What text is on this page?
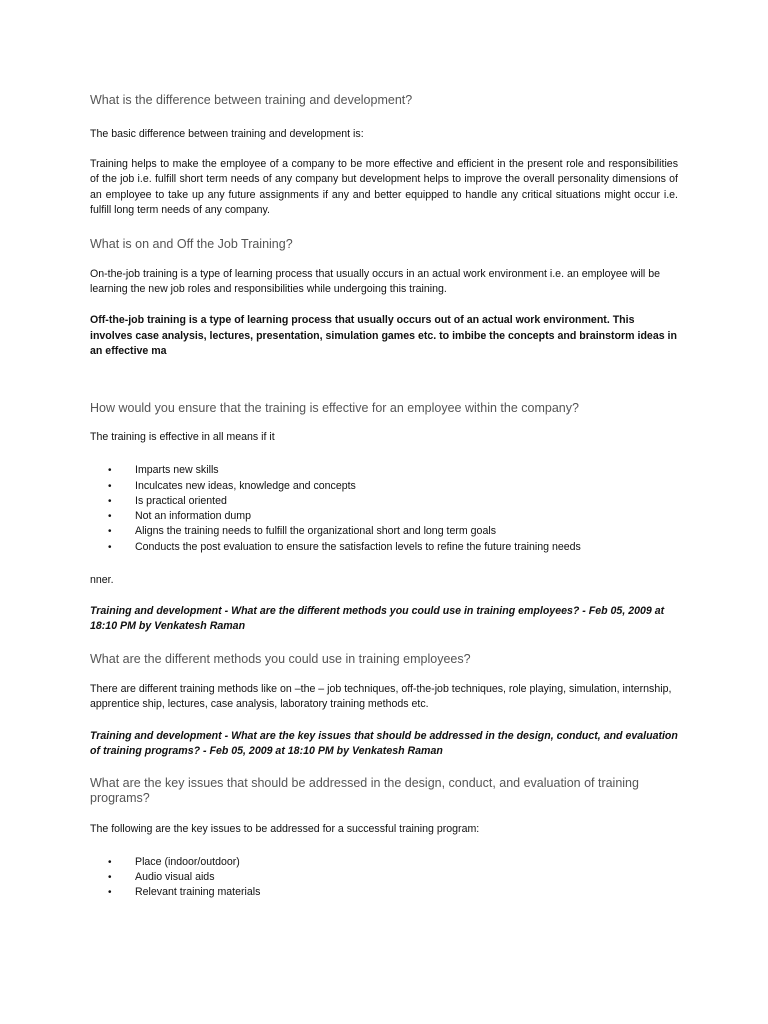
What is the difference between training and development?

The basic difference between training and development is:

Training helps to make the employee of a company to be more effective and efficient in the present role and responsibilities of the job i.e. fulfill short term needs of any company but development helps to improve the overall personality dimensions of an employee to take up any future assignments if any and better equipped to handle any critical situations might occur i.e. fulfill long term needs of any company.

What is on and Off the Job Training?

On-the-job training is a type of learning process that usually occurs in an actual work environment i.e. an employee will be learning the new job roles and responsibilities while undergoing this training.

Off-the-job training is a type of learning process that usually occurs out of an actual work environment. This involves case analysis, lectures, presentation, simulation games etc. to imbibe the concepts and brainstorm ideas in an effective ma

How would you ensure that the training is effective for an employee within the company?

The training is effective in all means if it

• Imparts new skills
• Inculcates new ideas, knowledge and concepts
• Is practical oriented
• Not an information dump
• Aligns the training needs to fulfill the organizational short and long term goals
• Conducts the post evaluation to ensure the satisfaction levels to refine the future training needs

nner.

Training and development - What are the different methods you could use in training employees? - Feb 05, 2009 at 18:10 PM by Venkatesh Raman

What are the different methods you could use in training employees?

There are different training methods like on –the – job techniques, off-the-job techniques, role playing, simulation, internship, apprentice ship, lectures, case analysis, laboratory training methods etc.

Training and development - What are the key issues that should be addressed in the design, conduct, and evaluation of training programs? - Feb 05, 2009 at 18:10 PM by Venkatesh Raman

What are the key issues that should be addressed in the design, conduct, and evaluation of training programs?

The following are the key issues to be addressed for a successful training program:

• Place (indoor/outdoor)
• Audio visual aids
• Relevant training materials
